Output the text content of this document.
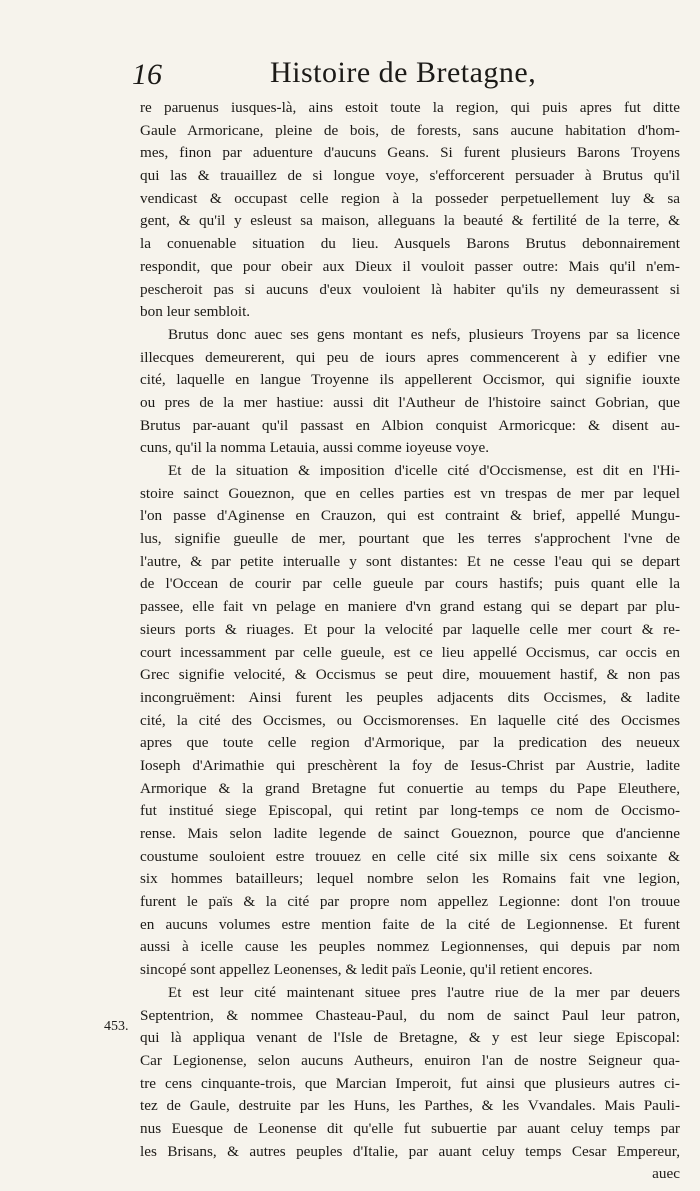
16	Histoire de Bretagne,
re paruenus iusques-là, ains estoit toute la region, qui puis apres fut ditte
Gaule Armoricane, pleine de bois, de forests, sans aucune habitation d'hom-
mes, finon par aduenture d'aucuns Geans. Si furent plusieurs Barons Troyens
qui las & trauaillez de si longue voye, s'efforcerent persuader à Brutus qu'il
vendicast & occupast celle region à la posseder perpetuellement luy & sa
gent, & qu'il y esleust sa maison, alleguans la beauté & fertilité de la terre, &
la conuenable situation du lieu. Ausquels Barons Brutus debonnairement
respondit, que pour obeir aux Dieux il vouloit passer outre: Mais qu'il n'em-
pescheroit pas si aucuns d'eux vouloient là habiter qu'ils ny demeurassent si
bon leur sembloit.
Brutus donc auec ses gens montant es nefs, plusieurs Troyens par sa licence
illecques demeurerent, qui peu de iours apres commencerent à y edifier vne
cité, laquelle en langue Troyenne ils appellerent Occismor, qui signifie iouxte
ou pres de la mer hastiue: aussi dit l'Autheur de l'histoire sainct Gobrian, que
Brutus par-auant qu'il passast en Albion conquist Armoricque: & disent au-
cuns, qu'il la nomma Letauia, aussi comme ioyeuse voye.
Et de la situation & imposition d'icelle cité d'Occismense, est dit en l'Hi-
stoire sainct Goueznon, que en celles parties est vn trespas de mer par lequel
l'on passe d'Aginense en Crauzon, qui est contraint & brief, appellé Mungu-
lus, signifie gueulle de mer, pourtant que les terres s'approchent l'vne de
l'autre, & par petite interualle y sont distantes: Et ne cesse l'eau qui se depart
de l'Occean de courir par celle gueule par cours hastifs; puis quant elle la
passee, elle fait vn pelage en maniere d'vn grand estang qui se depart par plu-
sieurs ports & riuages. Et pour la velocité par laquelle celle mer court & re-
court incessamment par celle gueule, est ce lieu appellé Occismus, car occis en
Grec signifie velocité, & Occismus se peut dire, mouuement hastif, & non pas
incongruëment: Ainsi furent les peuples adjacents dits Occismes, & ladite
cité, la cité des Occismes, ou Occismorenses. En laquelle cité des Occismes
apres que toute celle region d'Armorique, par la predication des neueux
Ioseph d'Arimathie qui preschèrent la foy de Iesus-Christ par Austrie, ladite
Armorique & la grand Bretagne fut conuertie au temps du Pape Eleuthere,
fut institué siege Episcopal, qui retint par long-temps ce nom de Occismo-
rense. Mais selon ladite legende de sainct Goueznon, pource que d'ancienne
coustume souloient estre trouuez en celle cité six mille six cens soixante &
six hommes batailleurs; lequel nombre selon les Romains fait vne legion,
furent le païs & la cité par propre nom appellez Legionne: dont l'on trouue
en aucuns volumes estre mention faite de la cité de Legionnense. Et furent
aussi à icelle cause les peuples nommez Legionnenses, qui depuis par nom
sincopé sont appellez Leonenses, & ledit païs Leonie, qu'il retient encores.
Et est leur cité maintenant situee pres l'autre riue de la mer par deuers
Septentrion, & nommee Chasteau-Paul, du nom de sainct Paul leur patron,
qui là appliqua venant de l'Isle de Bretagne, & y est leur siege Episcopal:
Car Legionense, selon aucuns Autheurs, enuiron l'an de nostre Seigneur qua-
tre cens cinquante-trois, que Marcian Imperoit, fut ainsi que plusieurs autres ci-
tez de Gaule, destruite par les Huns, les Parthes, & les Vvandales. Mais Pauli-
nus Euesque de Leonense dit qu'elle fut subuertie par auant celuy temps par
les Brisans, & autres peuples d'Italie, par auant celuy temps Cesar Empereur,
auec
453.
